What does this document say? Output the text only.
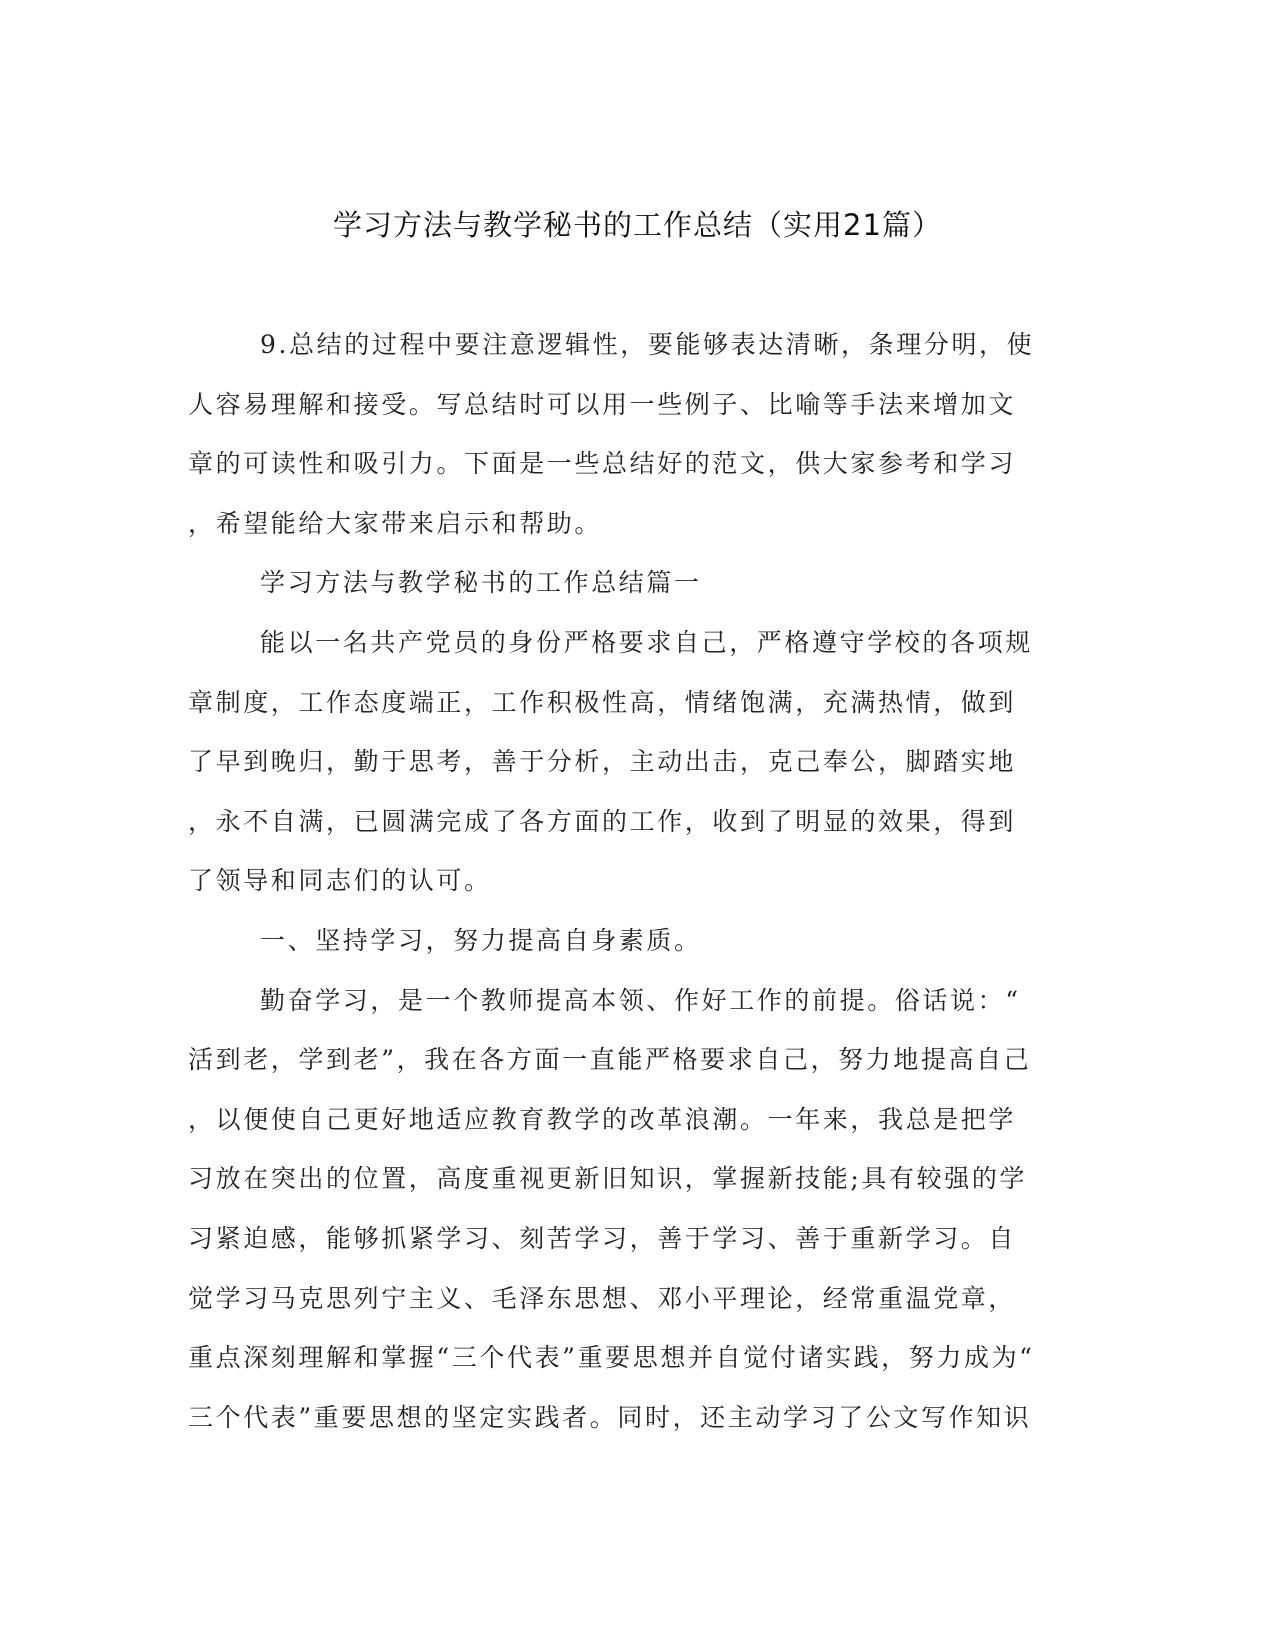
学习方法与教学秘书的工作总结（实用21篇）
9.总结的过程中要注意逻辑性，要能够表达清晰，条理分明，使
人容易理解和接受。写总结时可以用一些例子、比喻等手法来增加文
章的可读性和吸引力。下面是一些总结好的范文，供大家参考和学习
，希望能给大家带来启示和帮助。
学习方法与教学秘书的工作总结篇一
能以一名共产党员的身份严格要求自己，严格遵守学校的各项规
章制度，工作态度端正，工作积极性高，情绪饱满，充满热情，做到
了早到晚归，勤于思考，善于分析，主动出击，克己奉公，脚踏实地
，永不自满，已圆满完成了各方面的工作，收到了明显的效果，得到
了领导和同志们的认可。
一、坚持学习，努力提高自身素质。
勤奋学习，是一个教师提高本领、作好工作的前提。俗话说：“
活到老，学到老”，我在各方面一直能严格要求自己，努力地提高自己
，以便使自己更好地适应教育教学的改革浪潮。一年来，我总是把学
习放在突出的位置，高度重视更新旧知识，掌握新技能;具有较强的学
习紧迫感，能够抓紧学习、刻苦学习，善于学习、善于重新学习。自
觉学习马克思列宁主义、毛泽东思想、邓小平理论，经常重温党章，
重点深刻理解和掌握“三个代表”重要思想并自觉付诸实践，努力成为“
三个代表”重要思想的坚定实践者。同时，还主动学习了公文写作知识
